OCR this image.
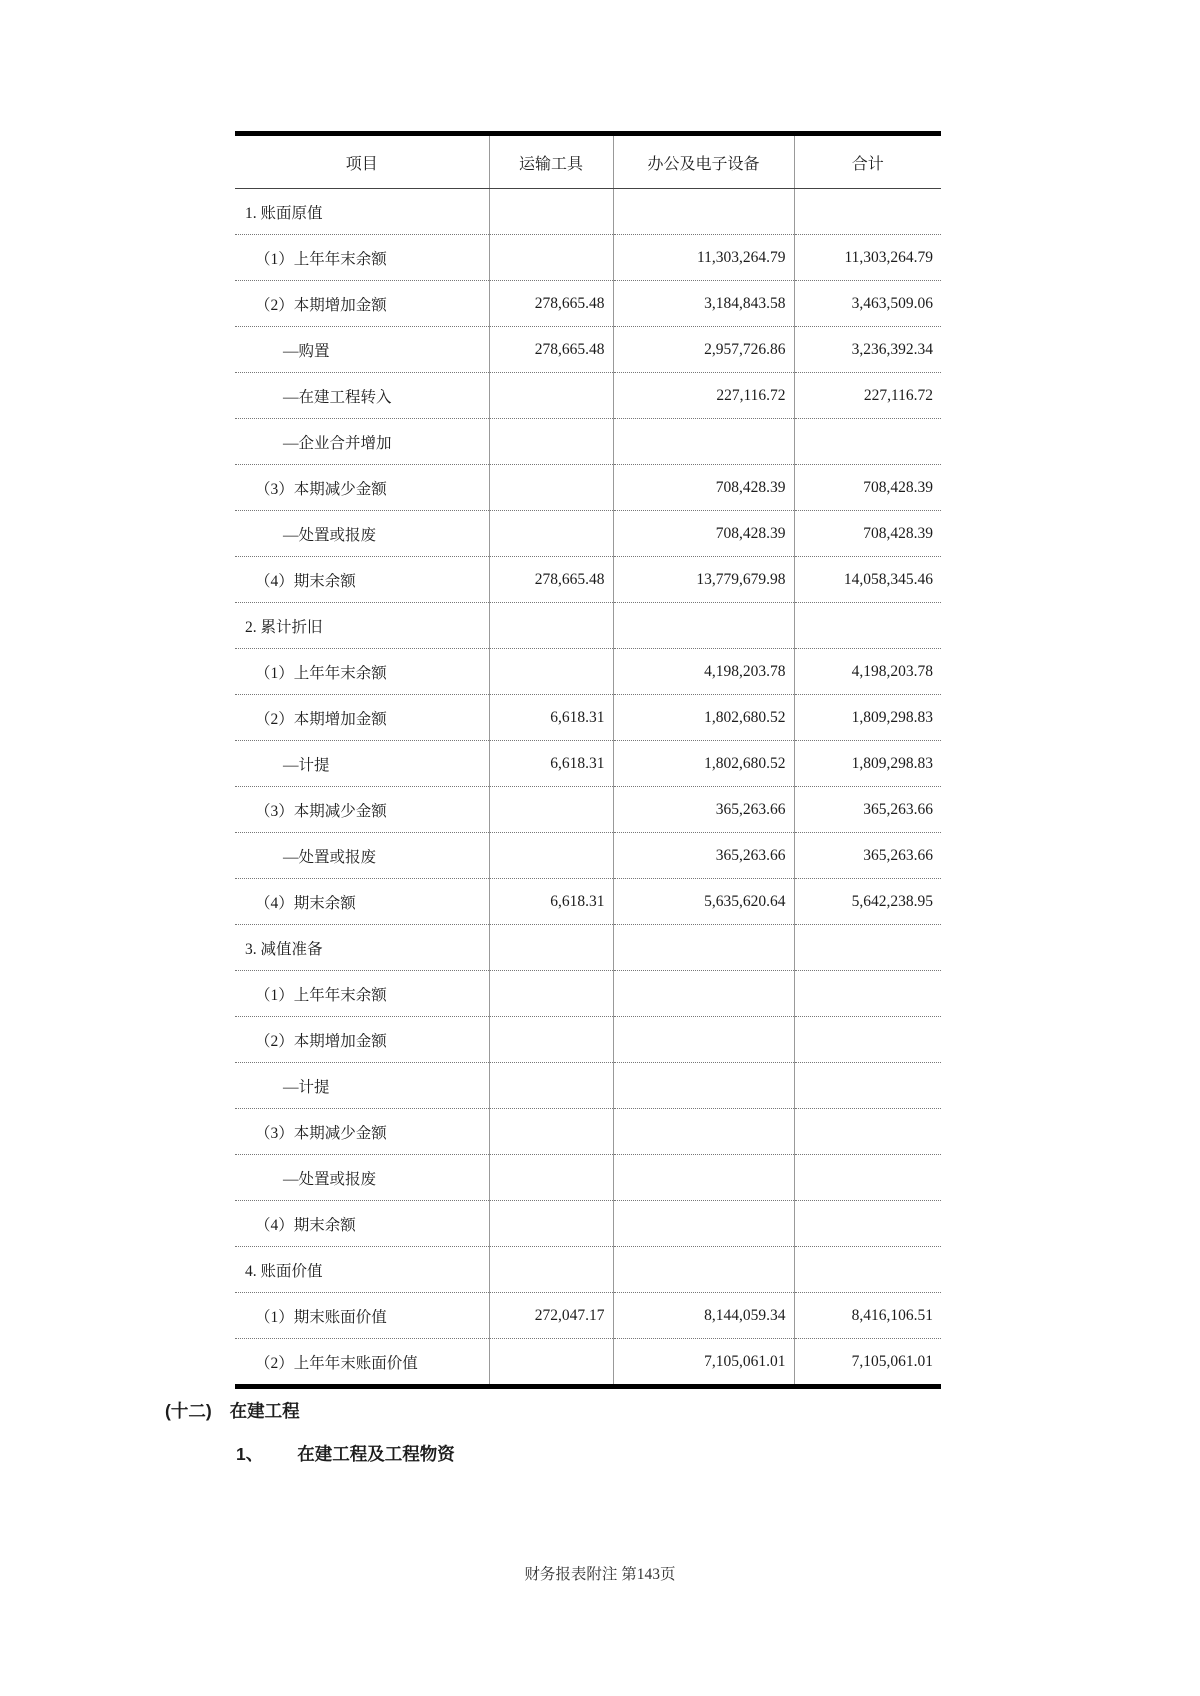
项目	运输工具	办公及电子设备	合计
1. 账面原值			
（1）上年年末余额		11,303,264.79	11,303,264.79
（2）本期增加金额	278,665.48	3,184,843.58	3,463,509.06
—购置	278,665.48	2,957,726.86	3,236,392.34
—在建工程转入		227,116.72	227,116.72
—企业合并增加			
（3）本期减少金额		708,428.39	708,428.39
—处置或报废		708,428.39	708,428.39
（4）期末余额	278,665.48	13,779,679.98	14,058,345.46
2. 累计折旧			
（1）上年年末余额		4,198,203.78	4,198,203.78
（2）本期增加金额	6,618.31	1,802,680.52	1,809,298.83
—计提	6,618.31	1,802,680.52	1,809,298.83
（3）本期减少金额		365,263.66	365,263.66
—处置或报废		365,263.66	365,263.66
（4）期末余额	6,618.31	5,635,620.64	5,642,238.95
3. 减值准备			
（1）上年年末余额			
（2）本期增加金额			
—计提			
（3）本期减少金额			
—处置或报废			
（4）期末余额			
4. 账面价值			
（1）期末账面价值	272,047.17	8,144,059.34	8,416,106.51
（2）上年年末账面价值		7,105,061.01	7,105,061.01
(十二) 在建工程
1、 在建工程及工程物资
财务报表附注 第143页
